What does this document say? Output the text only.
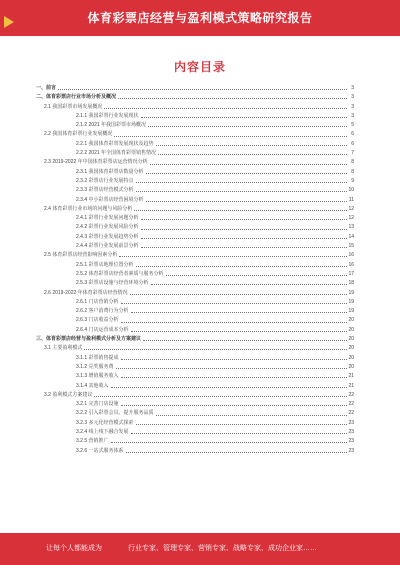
体育彩票店经营与盈利模式策略研究报告
内容目录
一、前言	3
二、体育彩票店行业市场分析及概况	3
2.1 我国彩票市场发展概况	3
2.1.1 我国彩票行业发展现状	3
2.1.2 2021 年我国彩票市场概况	5
2.2 我国体育彩票行业发展概况	6
2.2.1 我国体育彩票发展现状及趋势	6
2.2.2 2021 年全国体育彩票销售情况	7
2.3 2019-2022 年中国体育彩票店运营情况分析	8
2.3.1 我国体育彩票店数量分析	8
2.3.2 彩票店行业发展特点	9
2.3.3 彩票店经营模式分析	10
2.3.4 中小彩票店经营困境分析	11
2.4 体育彩票行业市场的问题与风险分析	12
2.4.1 彩票行业发展问题分析	12
2.4.2 彩票行业发展风险分析	13
2.4.3 彩票行业发展趋势分析	14
2.4.4 彩票行业发展前景分析	15
2.5 体育彩票店经营影响因素分析	16
2.5.1 彩票店地理位置分析	16
2.5.2 体育彩票店经营者素质与服务分析	17
2.5.3 彩票店设施与经营环境分析	18
2.6 2019-2022 年体育彩票店经营情况	19
2.6.1 门店营销分析	19
2.6.2 客户消费行为分析	19
2.6.3 门店收益分析	20
2.6.4 门店运营成本分析	20
三、体育彩票店经营与盈利模式分析及方案建议	20
3.1 主要盈利模式	20
3.1.1 彩票销售提成	20
3.1.2 兑奖服务费	20
3.1.3 增值服务收入	21
3.1.4 其他收入	21
3.2 盈利模式方案建议	22
3.2.1 完善门店设施	22
3.2.2 引入彩票会员、提升服务品质	22
3.2.3 多元化经营模式探索	23
3.2.4 线上线下融合发展	23
3.2.5 营销推广	23
3.2.6 一站式服务体系	23
让每个人都能成为	行业专家、管理专家、营销专家、战略专家、成功企业家……
